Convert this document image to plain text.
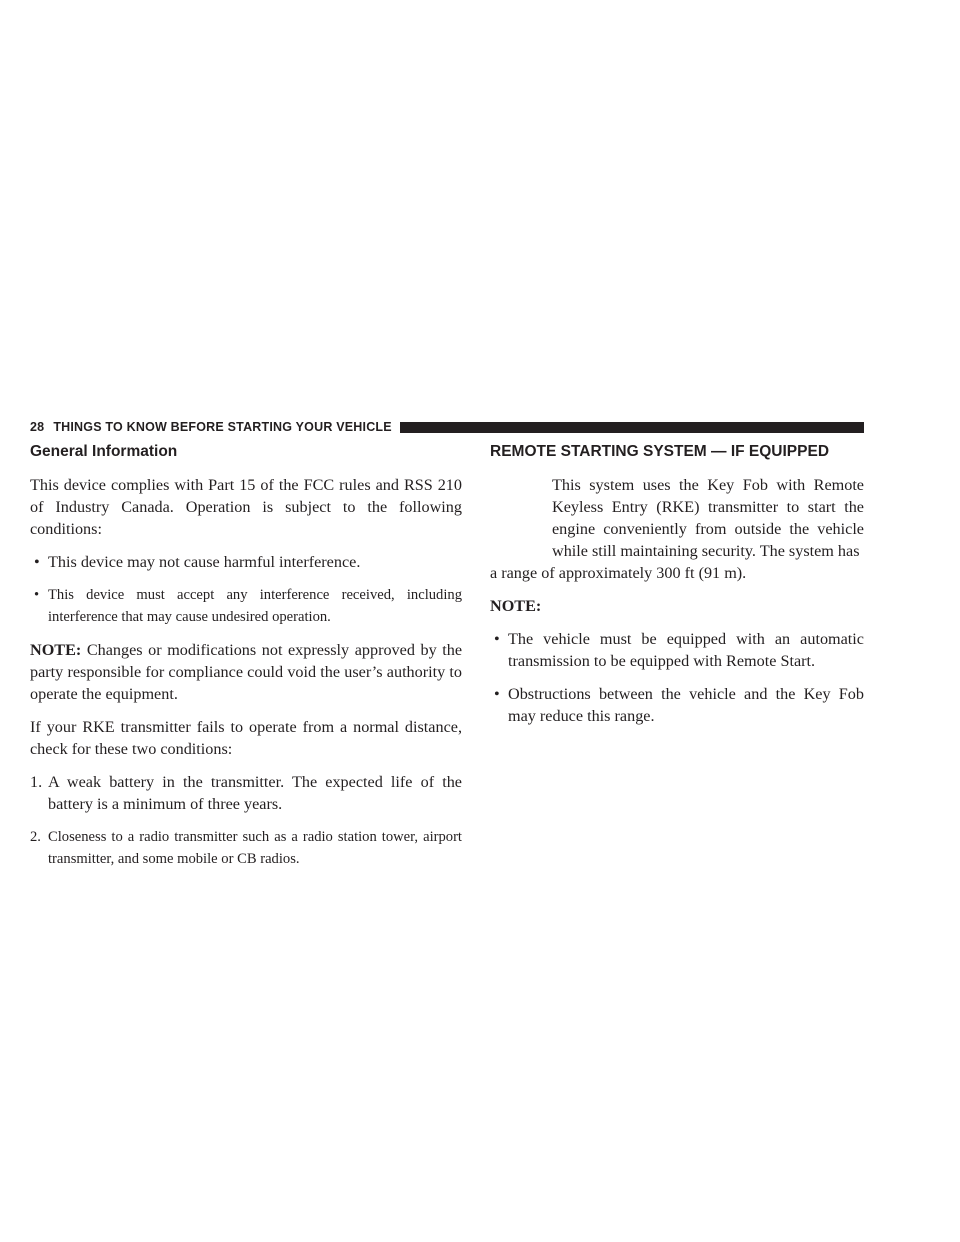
28 THINGS TO KNOW BEFORE STARTING YOUR VEHICLE
General Information

This device complies with Part 15 of the FCC rules and RSS 210 of Industry Canada. Operation is subject to the following conditions:

• This device may not cause harmful interference.
• This device must accept any interference received, including interference that may cause undesired operation.

NOTE: Changes or modifications not expressly approved by the party responsible for compliance could void the user’s authority to operate the equipment.

If your RKE transmitter fails to operate from a normal distance, check for these two conditions:

1. A weak battery in the transmitter. The expected life of the battery is a minimum of three years.
2. Closeness to a radio transmitter such as a radio station tower, airport transmitter, and some mobile or CB radios.
REMOTE STARTING SYSTEM — IF EQUIPPED
This system uses the Key Fob with Remote Keyless Entry (RKE) transmitter to start the engine conveniently from outside the vehicle while still maintaining security. The system has
a range of approximately 300 ft (91 m).

NOTE:

• The vehicle must be equipped with an automatic transmission to be equipped with Remote Start.
• Obstructions between the vehicle and the Key Fob may reduce this range.
